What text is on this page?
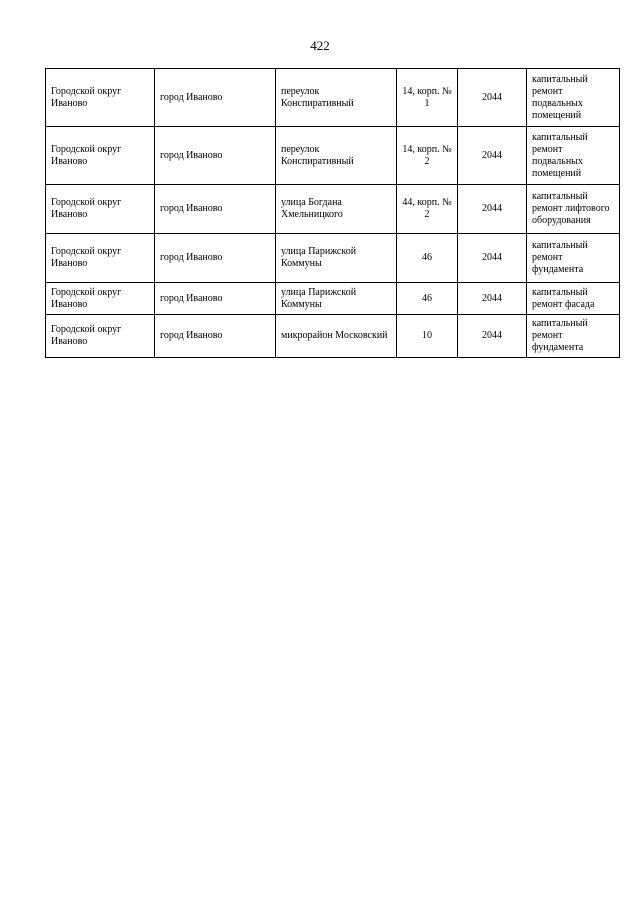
422
Городской округ Иваново	город Иваново	переулок Конспиративный	14, корп. № 1	2044	капитальный ремонт подвальных помещений
Городской округ Иваново	город Иваново	переулок Конспиративный	14, корп. № 2	2044	капитальный ремонт подвальных помещений
Городской округ Иваново	город Иваново	улица Богдана Хмельницкого	44, корп. № 2	2044	капитальный ремонт лифтового оборудования
Городской округ Иваново	город Иваново	улица Парижской Коммуны	46	2044	капитальный ремонт фундамента
Городской округ Иваново	город Иваново	улица Парижской Коммуны	46	2044	капитальный ремонт фасада
Городской округ Иваново	город Иваново	микрорайон Московский	10	2044	капитальный ремонт фундамента
